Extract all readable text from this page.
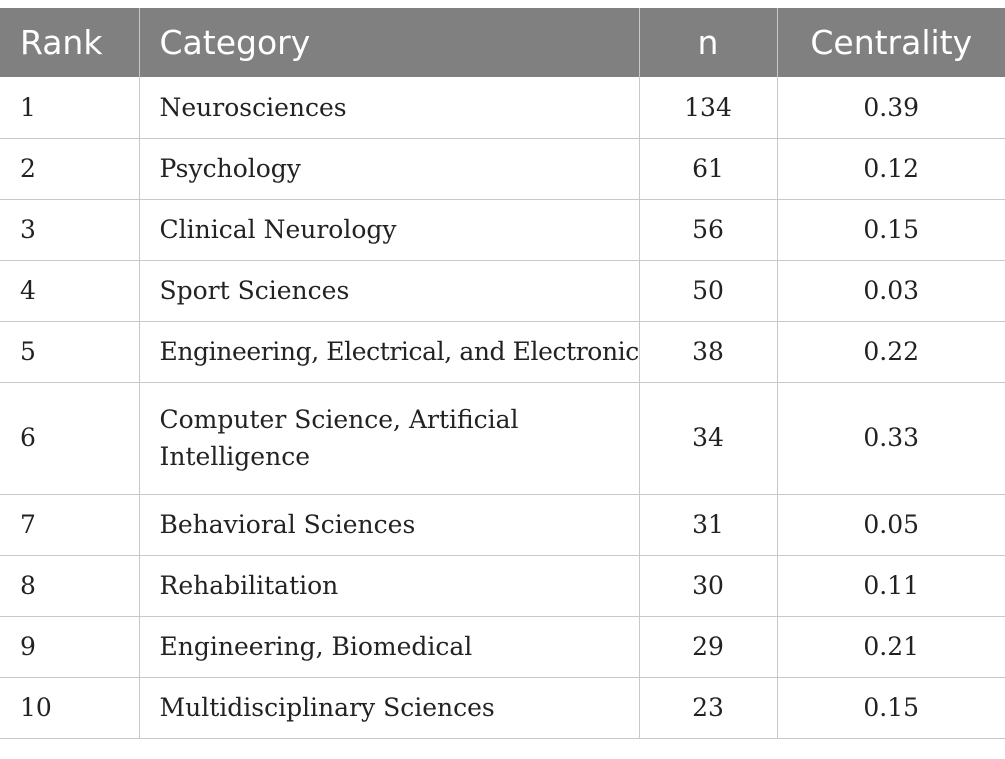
Rank	Category	n	Centrality
1	Neurosciences	134	0.39
2	Psychology	61	0.12
3	Clinical Neurology	56	0.15
4	Sport Sciences	50	0.03
5	Engineering, Electrical, and Electronic	38	0.22
6	Computer Science, Artificial Intelligence	34	0.33
7	Behavioral Sciences	31	0.05
8	Rehabilitation	30	0.11
9	Engineering, Biomedical	29	0.21
10	Multidisciplinary Sciences	23	0.15
